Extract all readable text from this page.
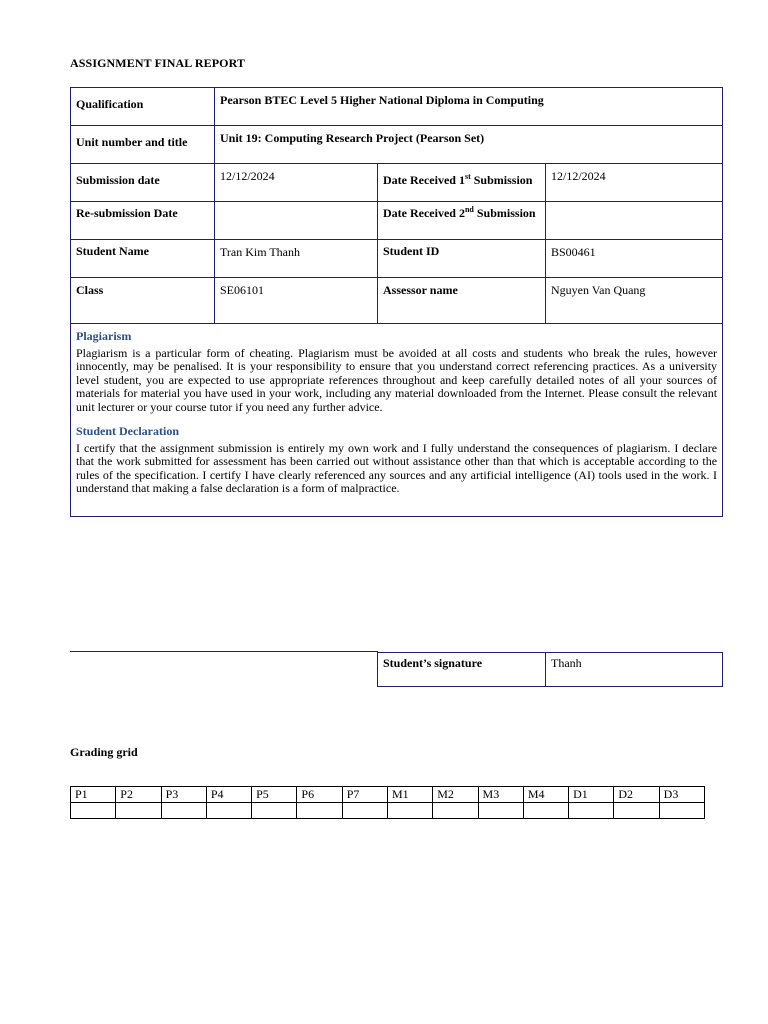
ASSIGNMENT FINAL REPORT
Qualification	Pearson BTEC Level 5 Higher National Diploma in Computing		
Unit number and title	Unit 19: Computing Research Project (Pearson Set)		
Submission date	12/12/2024	Date Received 1st Submission	12/12/2024
Re-submission Date		Date Received 2nd Submission	
Student Name	Tran Kim Thanh	Student ID	BS00461
Class	SE06101	Assessor name	Nguyen Van Quang

Plagiarism

Plagiarism is a particular form of cheating. Plagiarism must be avoided at all costs and students who break the rules, however innocently, may be penalised. It is your responsibility to ensure that you understand correct referencing practices. As a university level student, you are expected to use appropriate references throughout and keep carefully detailed notes of all your sources of materials for material you have used in your work, including any material downloaded from the Internet. Please consult the relevant unit lecturer or your course tutor if you need any further advice.

Student Declaration

I certify that the assignment submission is entirely my own work and I fully understand the consequences of plagiarism. I declare that the work submitted for assessment has been carried out without assistance other than that which is acceptable according to the rules of the specification. I certify I have clearly referenced any sources and any artificial intelligence (AI) tools used in the work. I understand that making a false declaration is a form of malpractice.			

Student’s signature	Thanh
Grading grid
P1	P2	P3	P4	P5	P6	P7	M1	M2	M3	M4	D1	D2	D3
